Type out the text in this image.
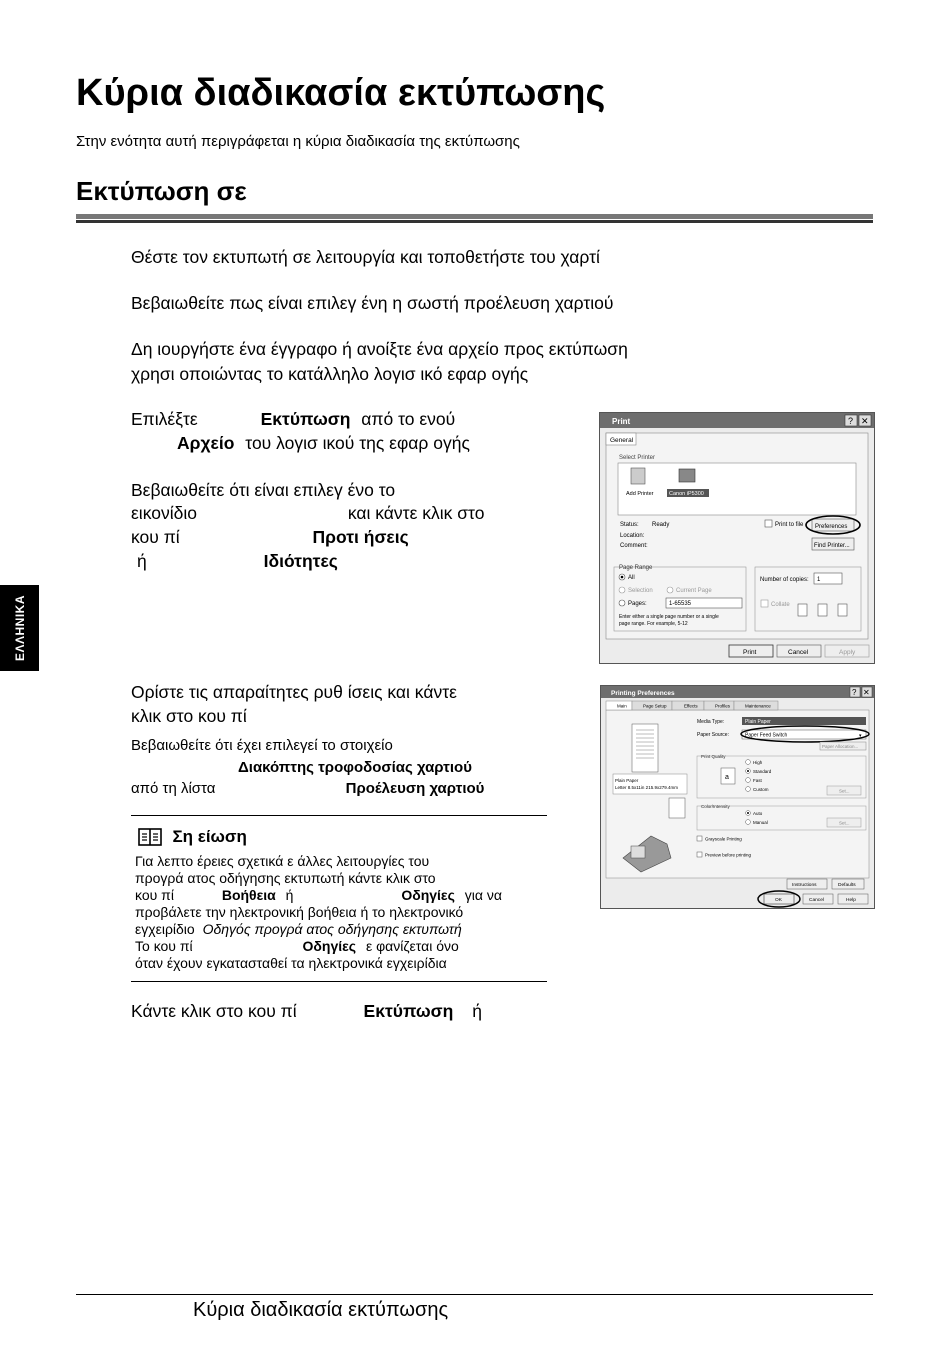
Κύρια διαδικασία εκτύπωσης
Στην ενότητα αυτή περιγράφεται η κύρια διαδικασία της εκτύπωσης
Εκτύπωση σε
ΕΛΛΗΝΙΚΑ
Θέστε τον εκτυπωτή σε λειτουργία και τοποθετήστε του χαρτί
Βεβαιωθείτε πως είναι επιλεγ ένη η σωστή προέλευση χαρτιού
Δη ιουργήστε ένα έγγραφο ή ανοίξτε ένα αρχείο προς εκτύπωση
χρησι οποιώντας το κατάλληλο λογισ ικό εφαρ ογής
Επιλέξτε	Εκτύπωση από το ενού
Αρχείο του λογισ ικού της εφαρ ογής
Βεβαιωθείτε ότι είναι επιλεγ ένο το
εικονίδιο	και κάντε κλικ στο
κου πί	Προτι ήσεις
ή	Ιδιότητες
Print	? ✕
General
Select Printer
Add Printer	Canon iP5300
Status: Ready
Location:
Comment:
Print to file Preferences
Find Printer...
Page Range
All
Selection	Current Page
Pages:	1-65535
Enter either a single page number or a single
page range. For example, 5-12
Number of copies: 1
Collate
Print	Cancel	Apply
Ορίστε τις απαραίτητες ρυθ ίσεις και κάντε
κλικ στο κου πί
Βεβαιωθείτε ότι έχει επιλεγεί το στοιχείο
Διακόπτης τροφοδοσίας χαρτιού
από τη λίστα	Προέλευση χαρτιού
Printing Preferences	? ✕
Main	Page Setup	Effects	Profiles	Maintenance
Plain Paper
Letter 8.5x11in 215.9x279.4mm
Media Type:	Plain Paper
Paper Source:	Paper Feed Switch	▾
Paper Allocation...
Print Quality
a
High
Standard
Fast
Custom	Set...
Color/Intensity
Auto
Manual	Set...
Grayscale Printing
Preview before printing
Instructions	Defaults
OK	Cancel	Help
Ση είωση
Για λεπτο έρειες σχετικά ε άλλες λειτουργίες του
προγρά ατος οδήγησης εκτυπωτή κάντε κλικ στο
κου πί	Βοήθεια ή	Οδηγίες για να
προβάλετε την ηλεκτρονική βοήθεια ή το ηλεκτρονικό
εγχειρίδιο Οδηγός προγρά ατος οδήγησης εκτυπωτή
Το κου πί	Οδηγίες ε φανίζεται όνο
όταν έχουν εγκατασταθεί τα ηλεκτρονικά εγχειρίδια
Κάντε κλικ στο κου πί	Εκτύπωση ή
Κύρια διαδικασία εκτύπωσης
